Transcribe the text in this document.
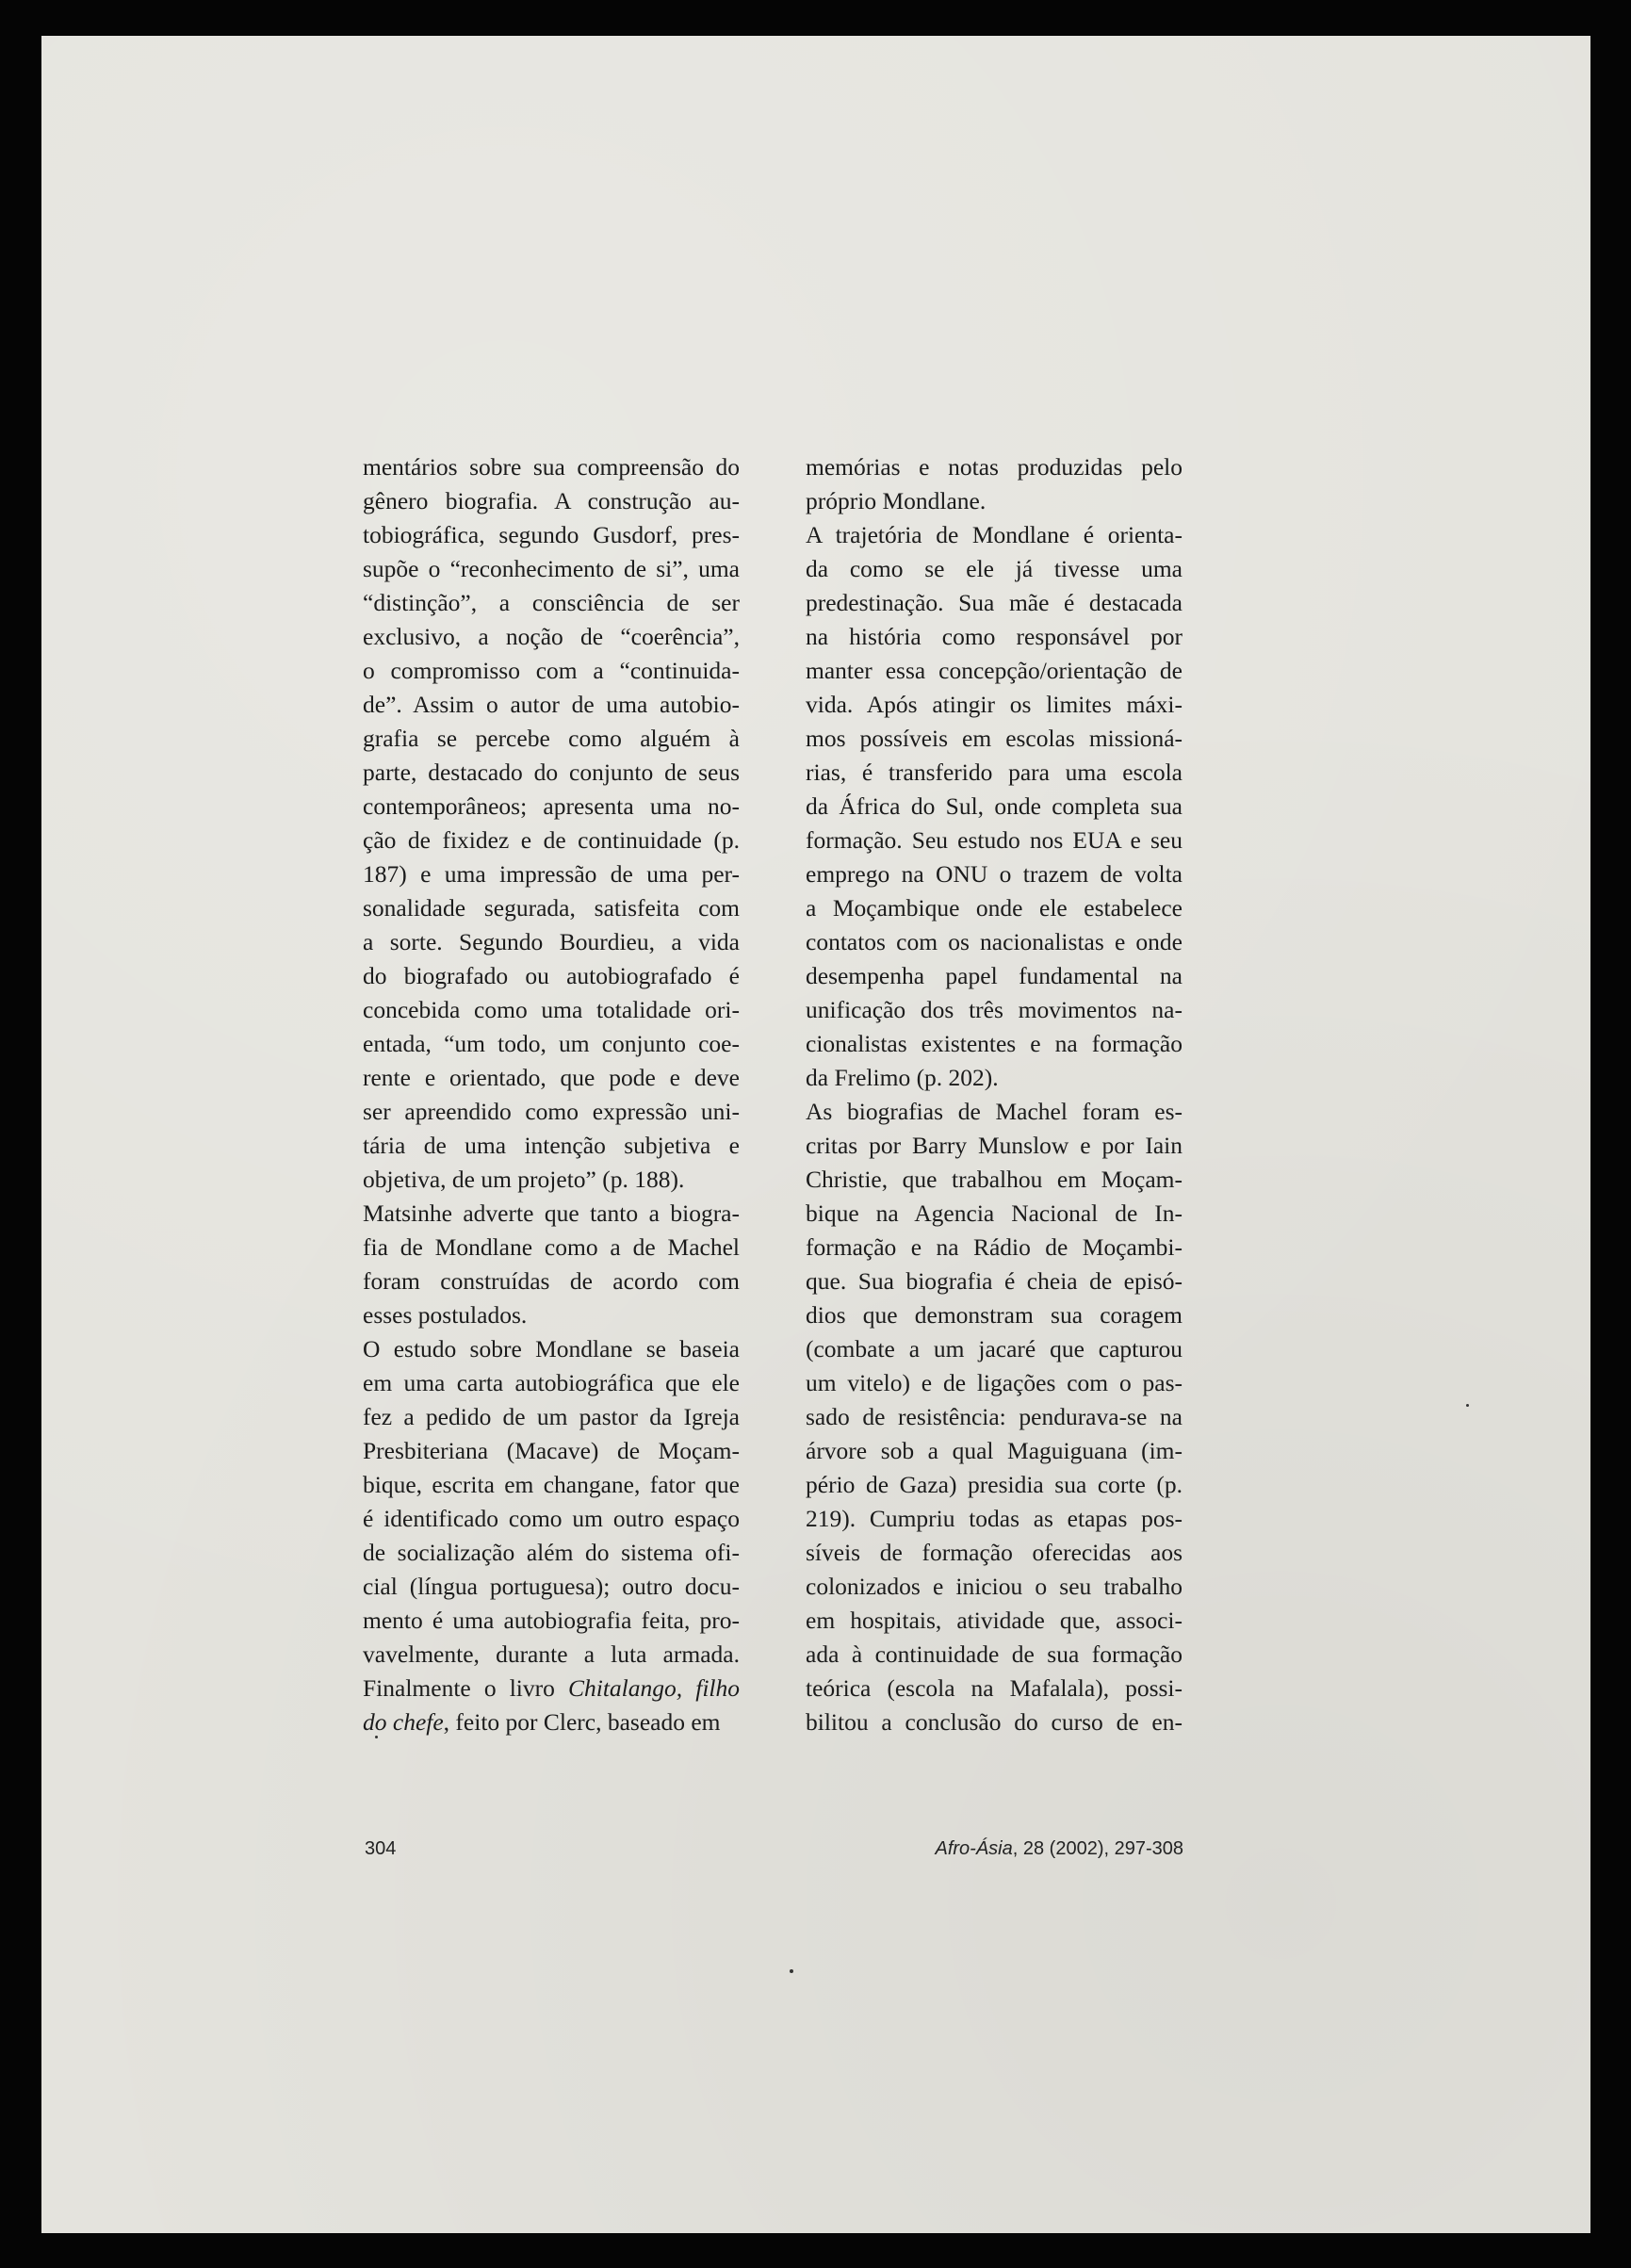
mentários sobre sua compreensão do
gênero biografia. A construção au-
tobiográfica, segundo Gusdorf, pres-
supõe o “reconhecimento de si”, uma
“distinção”, a consciência de ser
exclusivo, a noção de “coerência”,
o compromisso com a “continuida-
de”. Assim o autor de uma autobio-
grafia se percebe como alguém à
parte, destacado do conjunto de seus
contemporâneos; apresenta uma no-
ção de fixidez e de continuidade (p.
187) e uma impressão de uma per-
sonalidade segurada, satisfeita com
a sorte. Segundo Bourdieu, a vida
do biografado ou autobiografado é
concebida como uma totalidade ori-
entada, “um todo, um conjunto coe-
rente e orientado, que pode e deve
ser apreendido como expressão uni-
tária de uma intenção subjetiva e
objetiva, de um projeto” (p. 188).
Matsinhe adverte que tanto a biogra-
fia de Mondlane como a de Machel
foram construídas de acordo com
esses postulados.
O estudo sobre Mondlane se baseia
em uma carta autobiográfica que ele
fez a pedido de um pastor da Igreja
Presbiteriana (Macave) de Moçam-
bique, escrita em changane, fator que
é identificado como um outro espaço
de socialização além do sistema ofi-
cial (língua portuguesa); outro docu-
mento é uma autobiografia feita, pro-
vavelmente, durante a luta armada.
Finalmente o livro Chitalango, filho
do chefe, feito por Clerc, baseado em

memórias e notas produzidas pelo
próprio Mondlane.
A trajetória de Mondlane é orienta-
da como se ele já tivesse uma
predestinação. Sua mãe é destacada
na história como responsável por
manter essa concepção/orientação de
vida. Após atingir os limites máxi-
mos possíveis em escolas missioná-
rias, é transferido para uma escola
da África do Sul, onde completa sua
formação. Seu estudo nos EUA e seu
emprego na ONU o trazem de volta
a Moçambique onde ele estabelece
contatos com os nacionalistas e onde
desempenha papel fundamental na
unificação dos três movimentos na-
cionalistas existentes e na formação
da Frelimo (p. 202).
As biografias de Machel foram es-
critas por Barry Munslow e por Iain
Christie, que trabalhou em Moçam-
bique na Agencia Nacional de In-
formação e na Rádio de Moçambi-
que. Sua biografia é cheia de episó-
dios que demonstram sua coragem
(combate a um jacaré que capturou
um vitelo) e de ligações com o pas-
sado de resistência: pendurava-se na
árvore sob a qual Maguiguana (im-
pério de Gaza) presidia sua corte (p.
219). Cumpriu todas as etapas pos-
síveis de formação oferecidas aos
colonizados e iniciou o seu trabalho
em hospitais, atividade que, associ-
ada à continuidade de sua formação
teórica (escola na Mafalala), possi-
bilitou a conclusão do curso de en-

304	Afro-Ásia, 28 (2002), 297-308
